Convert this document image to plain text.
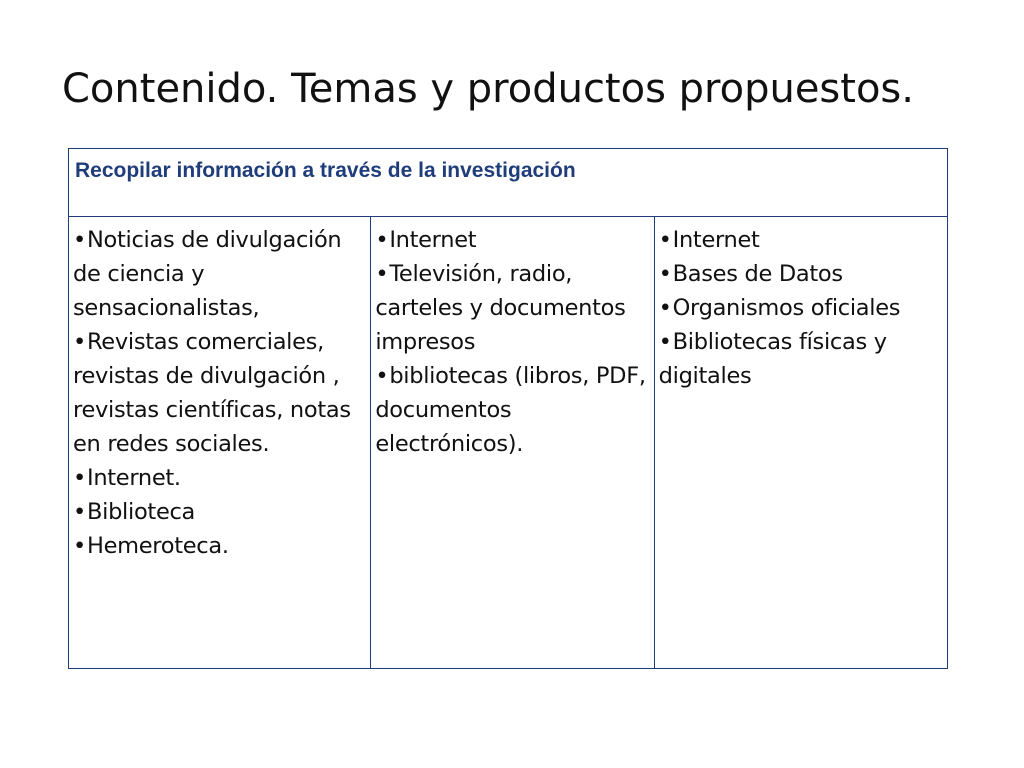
Contenido. Temas y productos propuestos.
Recopilar información a través de la investigación

• Noticias de divulgación de ciencia y sensacionalistas,
• Revistas comerciales, revistas de divulgación , revistas científicas, notas en redes sociales.
• Internet.
• Biblioteca
• Hemeroteca.

• Internet
• Televisión, radio, carteles y documentos impresos
• bibliotecas (libros, PDF, documentos electrónicos).

• Internet
• Bases de Datos
• Organismos oficiales
• Bibliotecas físicas y digitales
